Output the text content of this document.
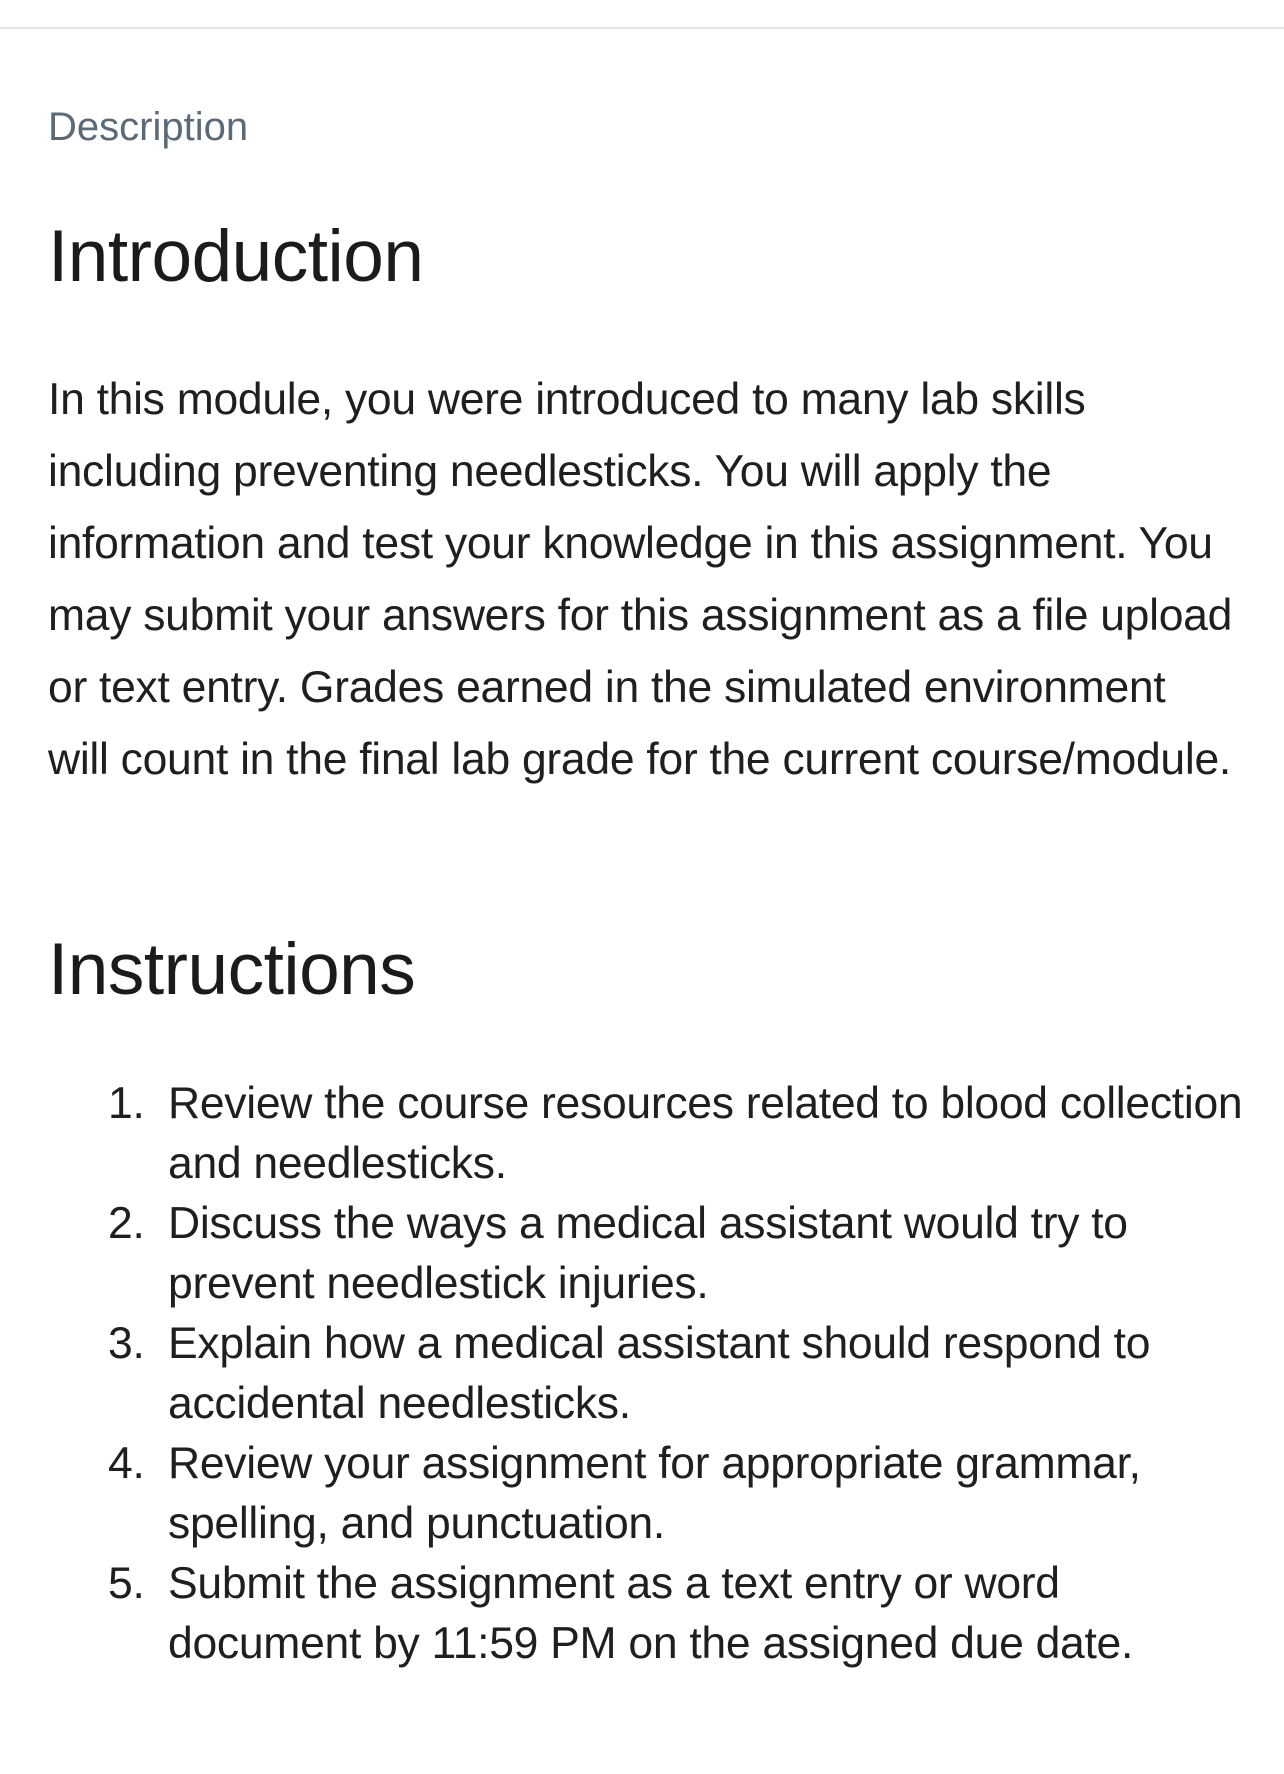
Description
Introduction

In this module, you were introduced to many lab skills including preventing needlesticks. You will apply the information and test your knowledge in this assignment. You may submit your answers for this assignment as a file upload or text entry. Grades earned in the simulated environment will count in the final lab grade for the current course/module.

Instructions
1. Review the course resources related to blood collection and needlesticks.
2. Discuss the ways a medical assistant would try to prevent needlestick injuries.
3. Explain how a medical assistant should respond to accidental needlesticks.
4. Review your assignment for appropriate grammar, spelling, and punctuation.
5. Submit the assignment as a text entry or word document by 11:59 PM on the assigned due date.
